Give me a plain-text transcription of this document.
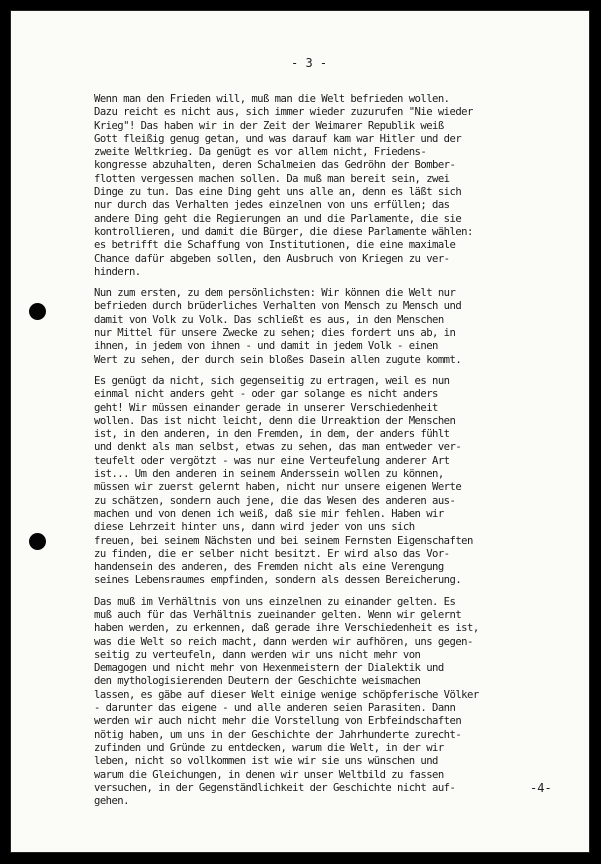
- 3 -
Wenn man den Frieden will, muß man die Welt befrieden wollen.
Dazu reicht es nicht aus, sich immer wieder zuzurufen "Nie wieder
Krieg"! Das haben wir in der Zeit der Weimarer Republik weiß
Gott fleißig genug getan, und was darauf kam war Hitler und der
zweite Weltkrieg. Da genügt es vor allem nicht, Friedens-
kongresse abzuhalten, deren Schalmeien das Gedröhn der Bomber-
flotten vergessen machen sollen. Da muß man bereit sein, zwei
Dinge zu tun. Das eine Ding geht uns alle an, denn es läßt sich
nur durch das Verhalten jedes einzelnen von uns erfüllen; das
andere Ding geht die Regierungen an und die Parlamente, die sie
kontrollieren, und damit die Bürger, die diese Parlamente wählen:
es betrifft die Schaffung von Institutionen, die eine maximale
Chance dafür abgeben sollen, den Ausbruch von Kriegen zu ver-
hindern.
Nun zum ersten, zu dem persönlichsten: Wir können die Welt nur
befrieden durch brüderliches Verhalten von Mensch zu Mensch und
damit von Volk zu Volk. Das schließt es aus, in den Menschen
nur Mittel für unsere Zwecke zu sehen; dies fordert uns ab, in
ihnen, in jedem von ihnen - und damit in jedem Volk - einen
Wert zu sehen, der durch sein bloßes Dasein allen zugute kommt.
Es genügt da nicht, sich gegenseitig zu ertragen, weil es nun
einmal nicht anders geht - oder gar solange es nicht anders
geht! Wir müssen einander gerade in unserer Verschiedenheit
wollen. Das ist nicht leicht, denn die Urreaktion der Menschen
ist, in den anderen, in den Fremden, in dem, der anders fühlt
und denkt als man selbst, etwas zu sehen, das man entweder ver-
teufelt oder vergötzt - was nur eine Verteufelung anderer Art
ist... Um den anderen in seinem Anderssein wollen zu können,
müssen wir zuerst gelernt haben, nicht nur unsere eigenen Werte
zu schätzen, sondern auch jene, die das Wesen des anderen aus-
machen und von denen ich weiß, daß sie mir fehlen. Haben wir
diese Lehrzeit hinter uns, dann wird jeder von uns sich
freuen, bei seinem Nächsten und bei seinem Fernsten Eigenschaften
zu finden, die er selber nicht besitzt. Er wird also das Vor-
handensein des anderen, des Fremden nicht als eine Verengung
seines Lebensraumes empfinden, sondern als dessen Bereicherung.
Das muß im Verhältnis von uns einzelnen zu einander gelten. Es
muß auch für das Verhältnis zueinander gelten. Wenn wir gelernt
haben werden, zu erkennen, daß gerade ihre Verschiedenheit es ist,
was die Welt so reich macht, dann werden wir aufhören, uns gegen-
seitig zu verteufeln, dann werden wir uns nicht mehr von
Demagogen und nicht mehr von Hexenmeistern der Dialektik und
den mythologisierenden Deutern der Geschichte weismachen
lassen, es gäbe auf dieser Welt einige wenige schöpferische Völker
- darunter das eigene - und alle anderen seien Parasiten. Dann
werden wir auch nicht mehr die Vorstellung von Erbfeindschaften
nötig haben, um uns in der Geschichte der Jahrhunderte zurecht-
zufinden und Gründe zu entdecken, warum die Welt, in der wir
leben, nicht so vollkommen ist wie wir sie uns wünschen und
warum die Gleichungen, in denen wir unser Weltbild zu fassen
versuchen, in der Gegenständlichkeit der Geschichte nicht auf-
gehen.
-4-
